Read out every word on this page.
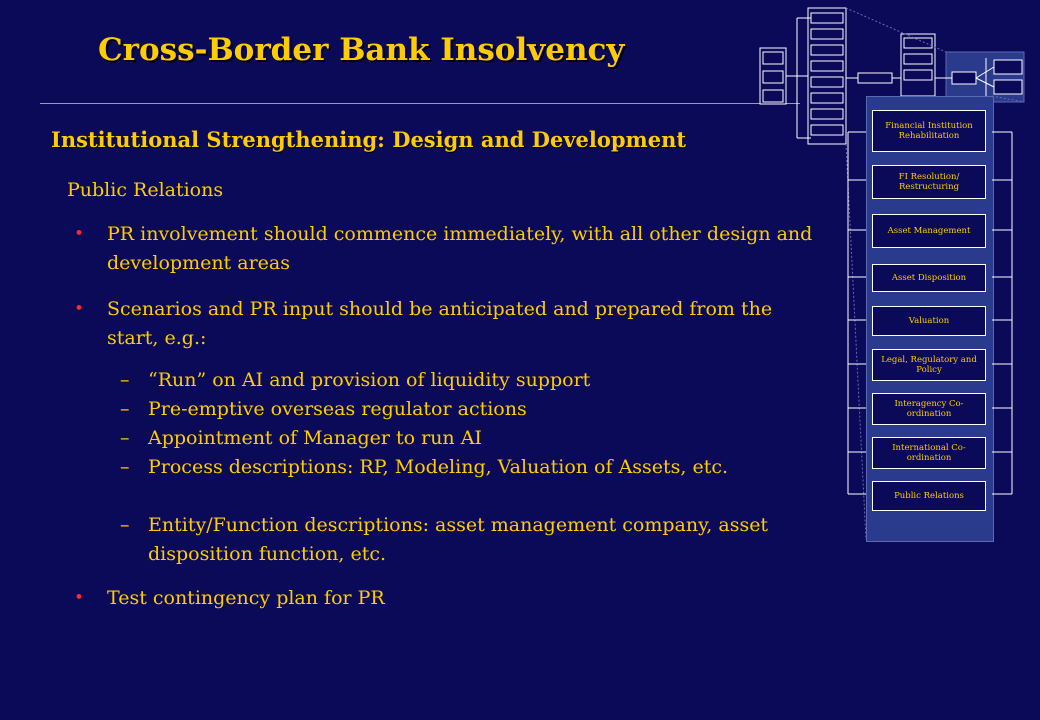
Cross-Border Bank Insolvency
Institutional Strengthening: Design and Development
Public Relations
• PR involvement should commence immediately, with all other design and development areas
• Scenarios and PR input should be anticipated and prepared from the start, e.g.:
– “Run” on AI and provision of liquidity support
– Pre-emptive overseas regulator actions
– Appointment of Manager to run AI
– Process descriptions: RP, Modeling, Valuation of Assets, etc.
– Entity/Function descriptions: asset management company, asset disposition function, etc.
• Test contingency plan for PR
Financial Institution Rehabilitation
FI Resolution/ Restructuring
Asset Management
Asset Disposition
Valuation
Legal, Regulatory and Policy
Interagency Co-ordination
International Co-ordination
Public Relations
